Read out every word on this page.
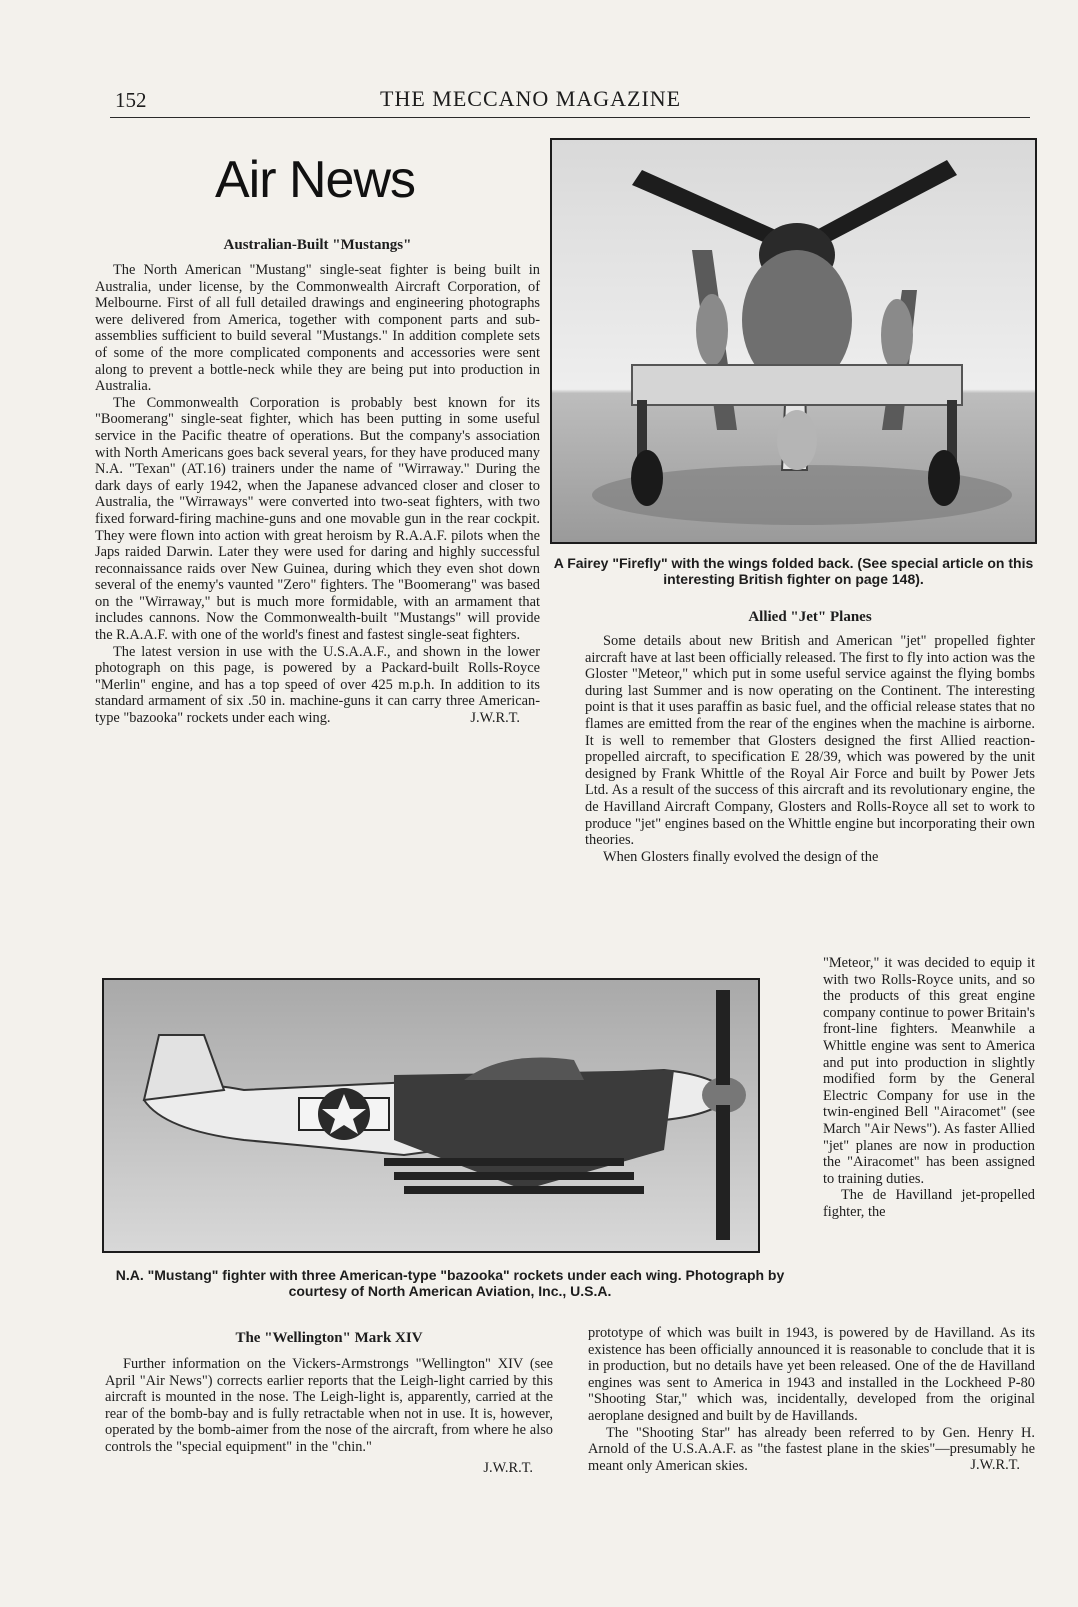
152	THE MECCANO MAGAZINE
Air News
Australian-Built "Mustangs"

The North American "Mustang" single-seat fighter is being built in Australia, under license, by the Commonwealth Aircraft Corporation, of Melbourne. First of all full detailed drawings and engineering photographs were delivered from America, together with component parts and sub-assemblies sufficient to build several "Mustangs." In addition complete sets of some of the more complicated components and accessories were sent along to prevent a bottle-neck while they are being put into production in Australia.

The Commonwealth Corporation is probably best known for its "Boomerang" single-seat fighter, which has been putting in some useful service in the Pacific theatre of operations. But the company's association with North Americans goes back several years, for they have produced many N.A. "Texan" (AT.16) trainers under the name of "Wirraway." During the dark days of early 1942, when the Japanese advanced closer and closer to Australia, the "Wirraways" were converted into two-seat fighters, with two fixed forward-firing machine-guns and one movable gun in the rear cockpit. They were flown into action with great heroism by R.A.A.F. pilots when the Japs raided Darwin. Later they were used for daring and highly successful reconnaissance raids over New Guinea, during which they even shot down several of the enemy's vaunted "Zero" fighters. The "Boomerang" was based on the "Wirraway," but is much more formidable, with an armament that includes cannons. Now the Commonwealth-built "Mustangs" will provide the R.A.A.F. with one of the world's finest and fastest single-seat fighters.

The latest version in use with the U.S.A.A.F., and shown in the lower photograph on this page, is powered by a Packard-built Rolls-Royce "Merlin" engine, and has a top speed of over 425 m.p.h. In addition to its standard armament of six .50 in. machine-guns it can carry three American-type "bazooka" rockets under each wing.	J.W.R.T.
A Fairey "Firefly" with the wings folded back. (See special article on this interesting British fighter on page 148).
Allied "Jet" Planes

Some details about new British and American "jet" propelled fighter aircraft have at last been officially released. The first to fly into action was the Gloster "Meteor," which put in some useful service against the flying bombs during last Summer and is now operating on the Continent. The interesting point is that it uses paraffin as basic fuel, and the official release states that no flames are emitted from the rear of the engines when the machine is airborne. It is well to remember that Glosters designed the first Allied reaction-propelled aircraft, to specification E 28/39, which was powered by the unit designed by Frank Whittle of the Royal Air Force and built by Power Jets Ltd. As a result of the success of this aircraft and its revolutionary engine, the de Havilland Aircraft Company, Glosters and Rolls-Royce all set to work to produce "jet" engines based on the Whittle engine but incorporating their own theories.

When Glosters finally evolved the design of the

"Meteor," it was decided to equip it with two Rolls-Royce units, and so the products of this great engine company continue to power Britain's front-line fighters. Meanwhile a Whittle engine was sent to America and put into production in slightly modified form by the General Electric Company for use in the twin-engined Bell "Airacomet" (see March "Air News"). As faster Allied "jet" planes are now in production the "Airacomet" has been assigned to training duties.

The de Havilland jet-propelled fighter, the

N.A. "Mustang" fighter with three American-type "bazooka" rockets under each wing. Photograph by courtesy of North American Aviation, Inc., U.S.A.
The "Wellington" Mark XIV

Further information on the Vickers-Armstrongs "Wellington" XIV (see April "Air News") corrects earlier reports that the Leigh-light carried by this aircraft is mounted in the nose. The Leigh-light is, apparently, carried at the rear of the bomb-bay and is fully retractable when not in use. It is, however, operated by the bomb-aimer from the nose of the aircraft, from where he also controls the "special equipment" in the "chin."

J.W.R.T.

prototype of which was built in 1943, is powered by de Havilland. As its existence has been officially announced it is reasonable to conclude that it is in production, but no details have yet been released. One of the de Havilland engines was sent to America in 1943 and installed in the Lockheed P-80 "Shooting Star," which was, incidentally, developed from the original aeroplane designed and built by de Havillands.

The "Shooting Star" has already been referred to by Gen. Henry H. Arnold of the U.S.A.A.F. as "the fastest plane in the skies"—presumably he meant only American skies.	J.W.R.T.
